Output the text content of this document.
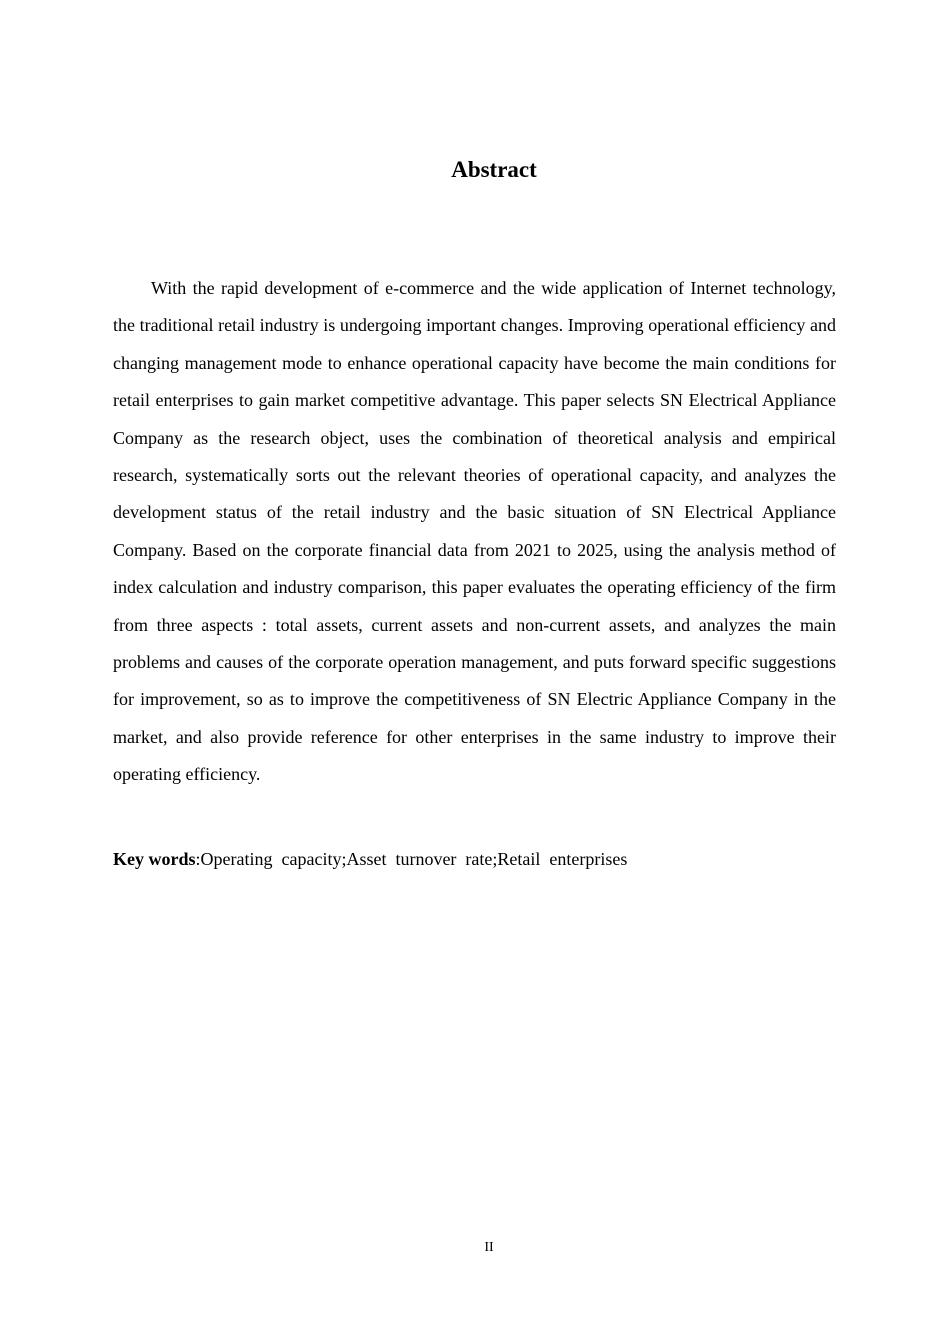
Abstract

With the rapid development of e-commerce and the wide application of Internet technology, the traditional retail industry is undergoing important changes. Improving operational efficiency and changing management mode to enhance operational capacity have become the main conditions for retail enterprises to gain market competitive advantage. This paper selects SN Electrical Appliance Company as the research object, uses the combination of theoretical analysis and empirical research, systematically sorts out the relevant theories of operational capacity, and analyzes the development status of the retail industry and the basic situation of SN Electrical Appliance Company. Based on the corporate financial data from 2021 to 2025, using the analysis method of index calculation and industry comparison, this paper evaluates the operating efficiency of the firm from three aspects : total assets, current assets and non-current assets, and analyzes the main problems and causes of the corporate operation management, and puts forward specific suggestions for improvement, so as to improve the competitiveness of SN Electric Appliance Company in the market, and also provide reference for other enterprises in the same industry to improve their operating efficiency.

Key words:Operating  capacity;Asset  turnover  rate;Retail  enterprises

II
